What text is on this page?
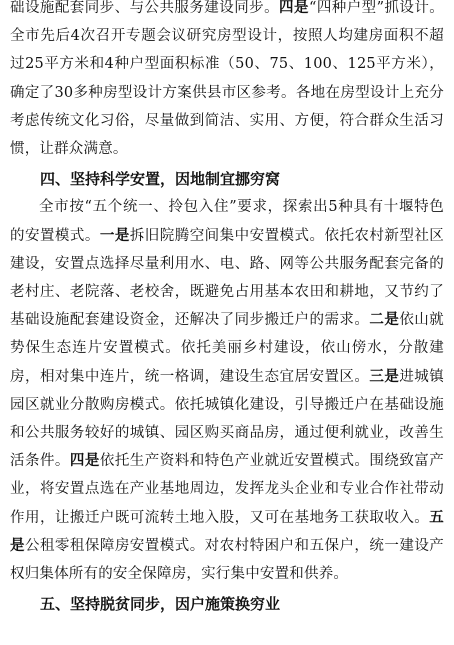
础设施配套同步、与公共服务建设同步。四是“四种户型”抓设计。全市先后4次召开专题会议研究房型设计，按照人均建房面积不超过25平方米和4种户型面积标准（50、75、100、125平方米），确定了30多种房型设计方案供县市区参考。各地在房型设计上充分考虑传统文化习俗，尽量做到简洁、实用、方便，符合群众生活习惯，让群众满意。

四、坚持科学安置，因地制宜挪穷窝

全市按“五个统一、拎包入住”要求，探索出5种具有十堰特色的安置模式。一是拆旧院腾空间集中安置模式。依托农村新型社区建设，安置点选择尽量利用水、电、路、网等公共服务配套完备的老村庄、老院落、老校舍，既避免占用基本农田和耕地，又节约了基础设施配套建设资金，还解决了同步搬迁户的需求。二是依山就势保生态连片安置模式。依托美丽乡村建设，依山傍水，分散建房，相对集中连片，统一格调，建设生态宜居安置区。三是进城镇园区就业分散购房模式。依托城镇化建设，引导搬迁户在基础设施和公共服务较好的城镇、园区购买商品房，通过便利就业，改善生活条件。四是依托生产资料和特色产业就近安置模式。围绕致富产业，将安置点选在产业基地周边，发挥龙头企业和专业合作社带动作用，让搬迁户既可流转土地入股，又可在基地务工获取收入。五是公租零租保障房安置模式。对农村特困户和五保户，统一建设产权归集体所有的安全保障房，实行集中安置和供养。

五、坚持脱贫同步，因户施策换穷业
